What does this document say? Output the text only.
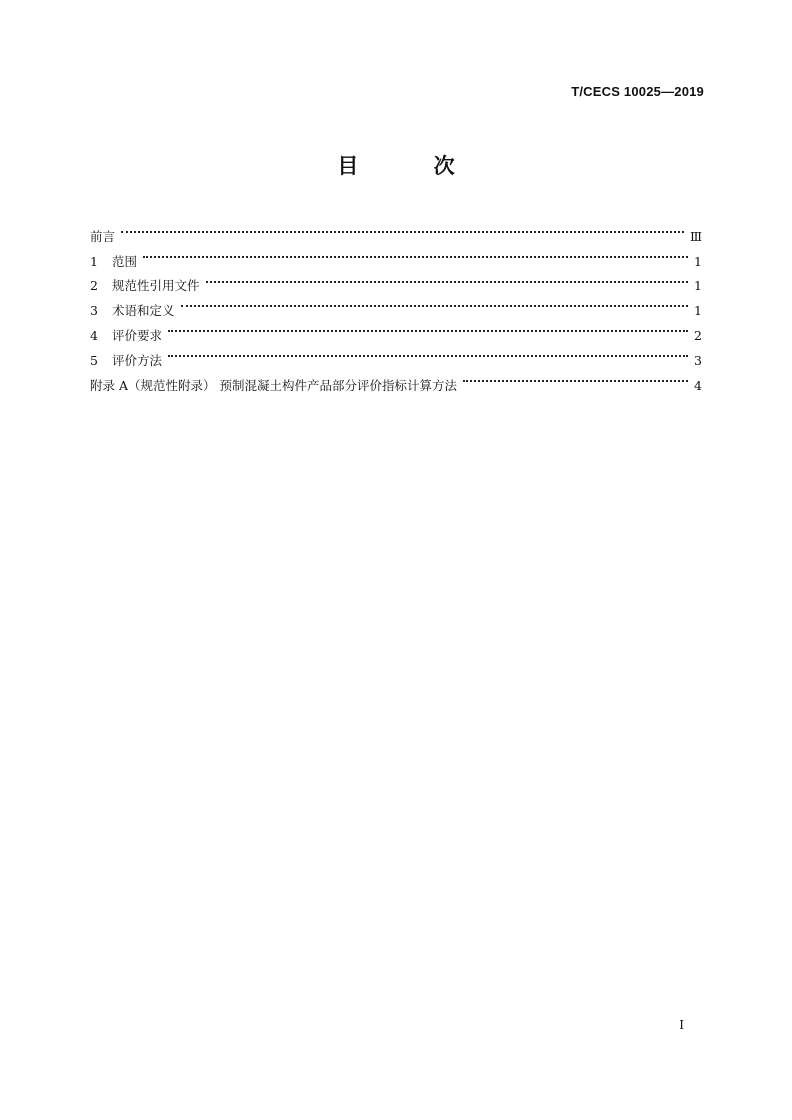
T/CECS 10025—2019
目 次
前言	Ⅲ
1	范围	1
2	规范性引用文件	1
3	术语和定义	1
4	评价要求	2
5	评价方法	3
附录 A（规范性附录） 预制混凝土构件产品部分评价指标计算方法	4
I
